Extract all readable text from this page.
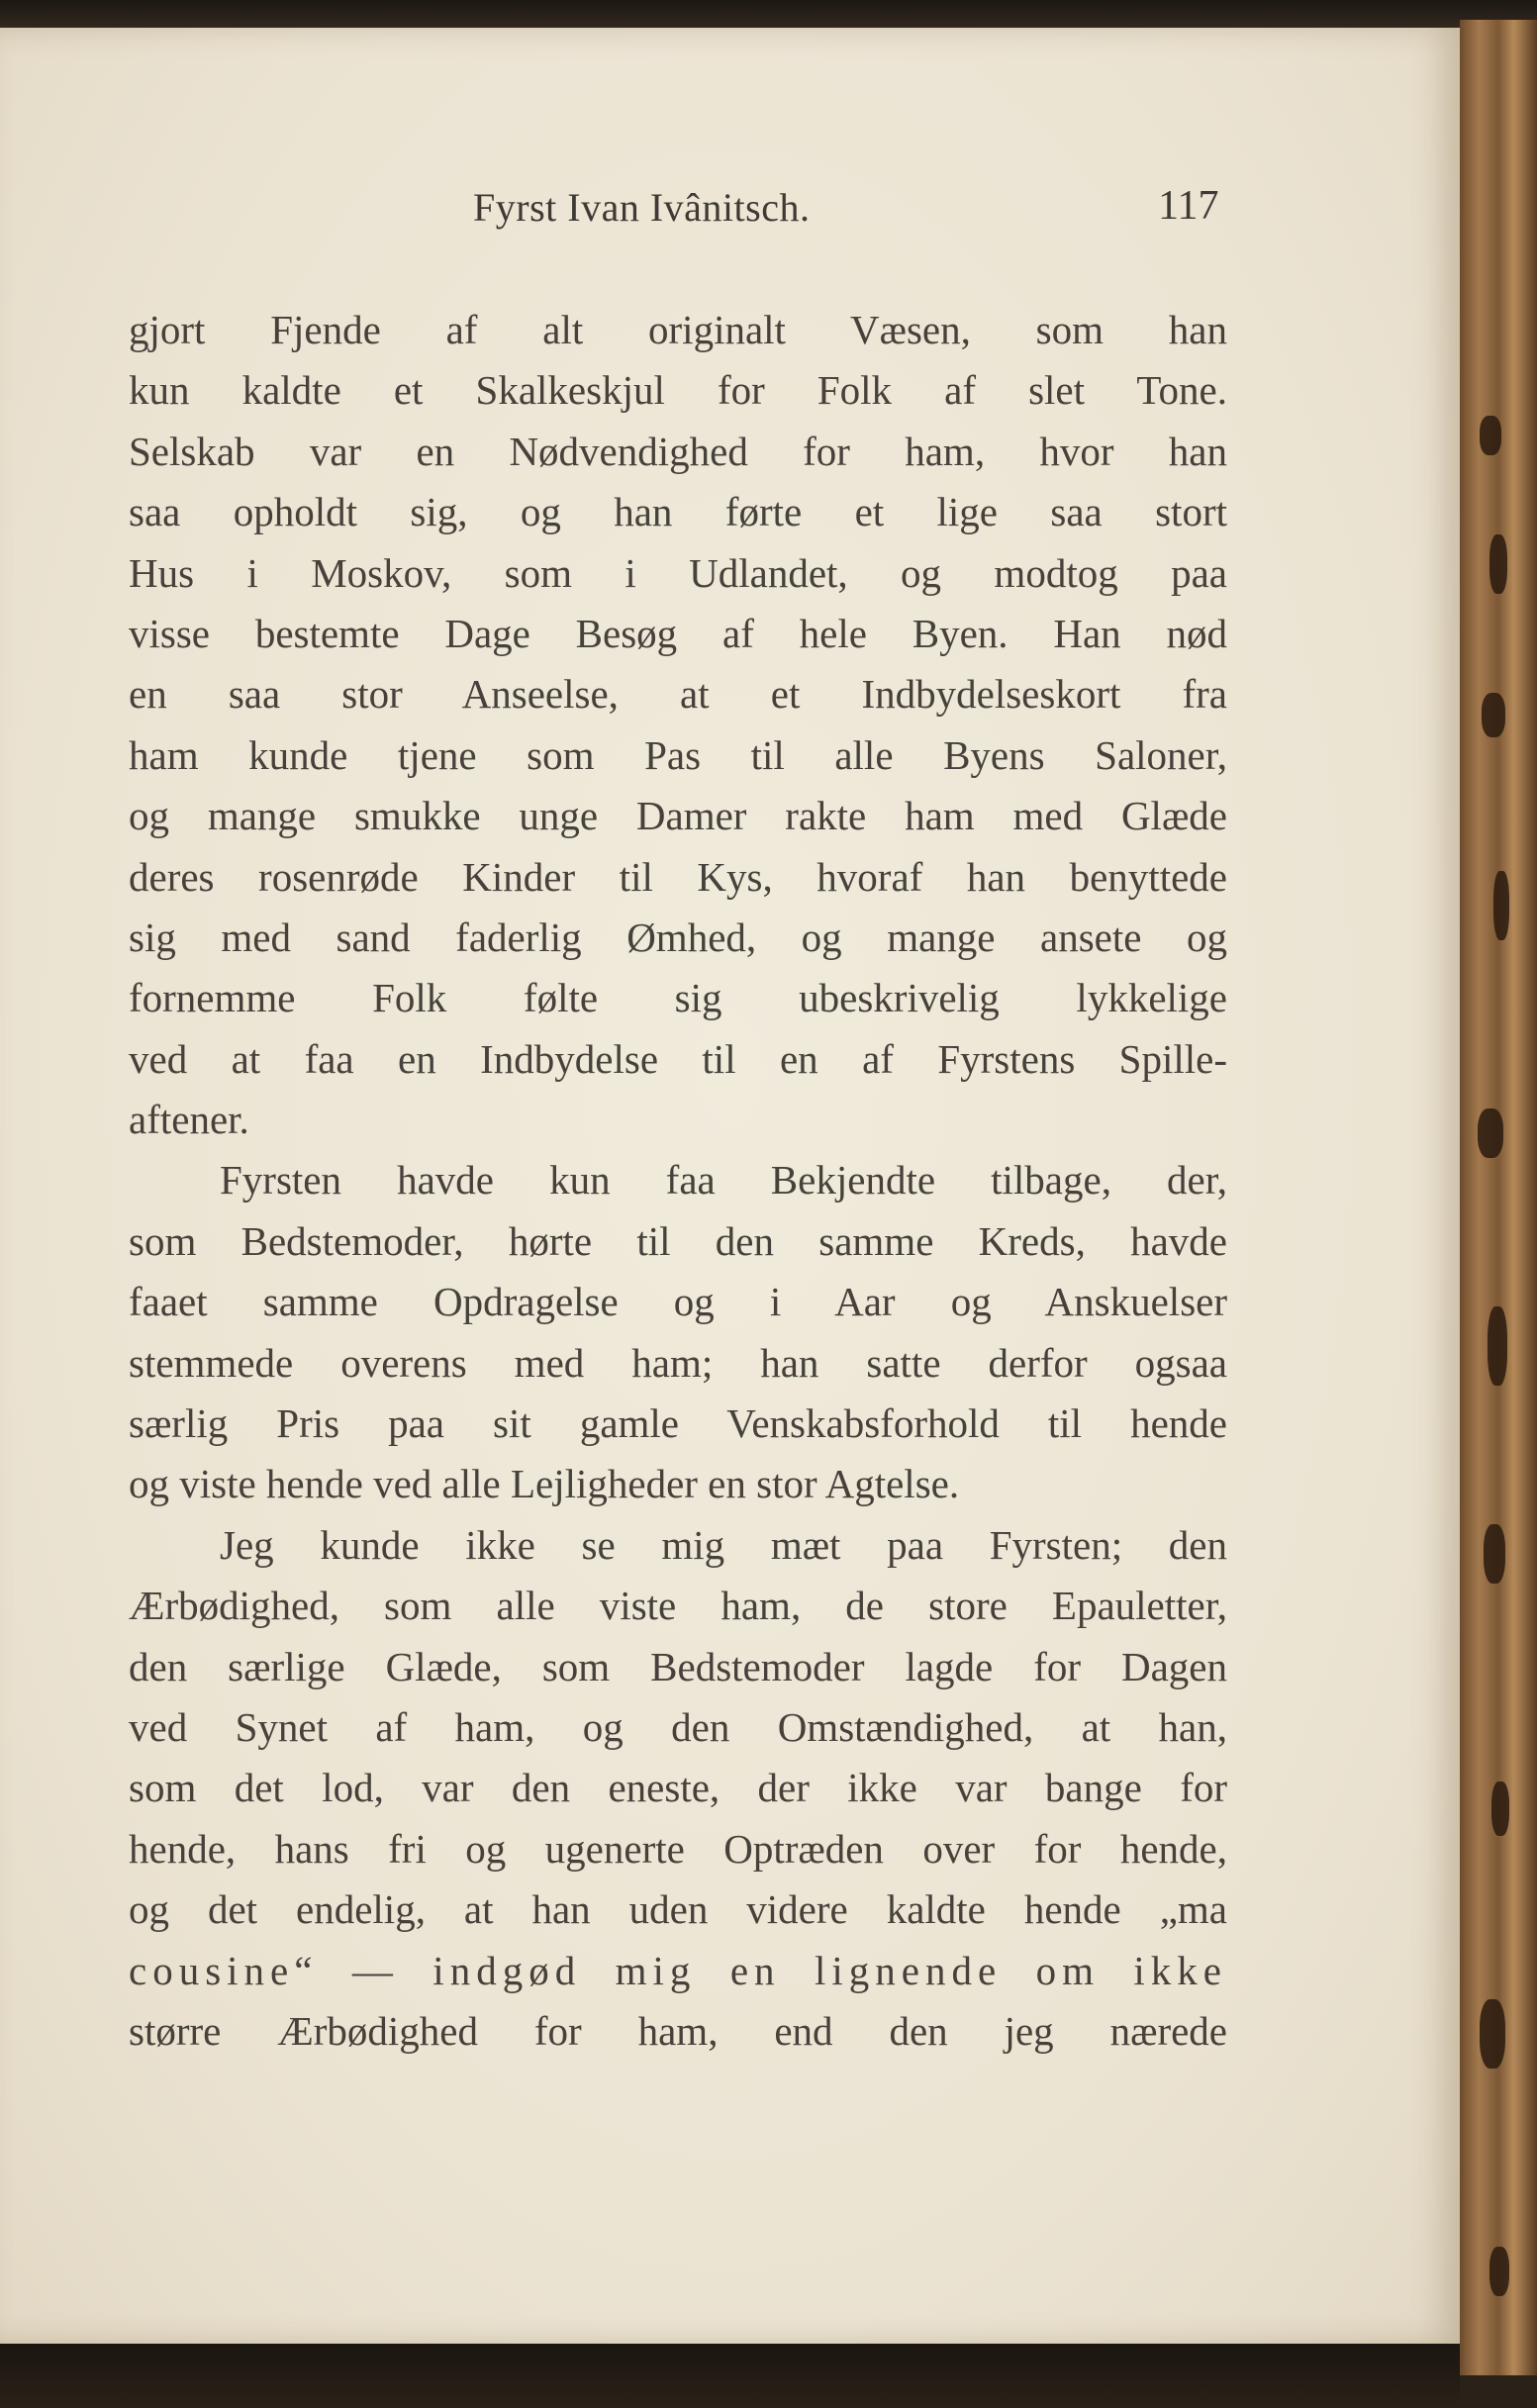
Fyrst Ivan Ivânitsch.	117
gjort Fjende af alt originalt Væsen, som han
kun kaldte et Skalkeskjul for Folk af slet Tone.
Selskab var en Nødvendighed for ham, hvor han
saa opholdt sig, og han førte et lige saa stort
Hus i Moskov, som i Udlandet, og modtog paa
visse bestemte Dage Besøg af hele Byen. Han nød
en saa stor Anseelse, at et Indbydelseskort fra
ham kunde tjene som Pas til alle Byens Saloner,
og mange smukke unge Damer rakte ham med Glæde
deres rosenrøde Kinder til Kys, hvoraf han benyttede
sig med sand faderlig Ømhed, og mange ansete og
fornemme Folk følte sig ubeskrivelig lykkelige
ved at faa en Indbydelse til en af Fyrstens Spille-
aftener.
Fyrsten havde kun faa Bekjendte tilbage, der,
som Bedstemoder, hørte til den samme Kreds, havde
faaet samme Opdragelse og i Aar og Anskuelser
stemmede overens med ham; han satte derfor ogsaa
særlig Pris paa sit gamle Venskabsforhold til hende
og viste hende ved alle Lejligheder en stor Agtelse.
Jeg kunde ikke se mig mæt paa Fyrsten; den
Ærbødighed, som alle viste ham, de store Epauletter,
den særlige Glæde, som Bedstemoder lagde for Dagen
ved Synet af ham, og den Omstændighed, at han,
som det lod, var den eneste, der ikke var bange for
hende, hans fri og ugenerte Optræden over for hende,
og det endelig, at han uden videre kaldte hende „ma
cousine“ — indgød mig en lignende om ikke
større Ærbødighed for ham, end den jeg nærede
